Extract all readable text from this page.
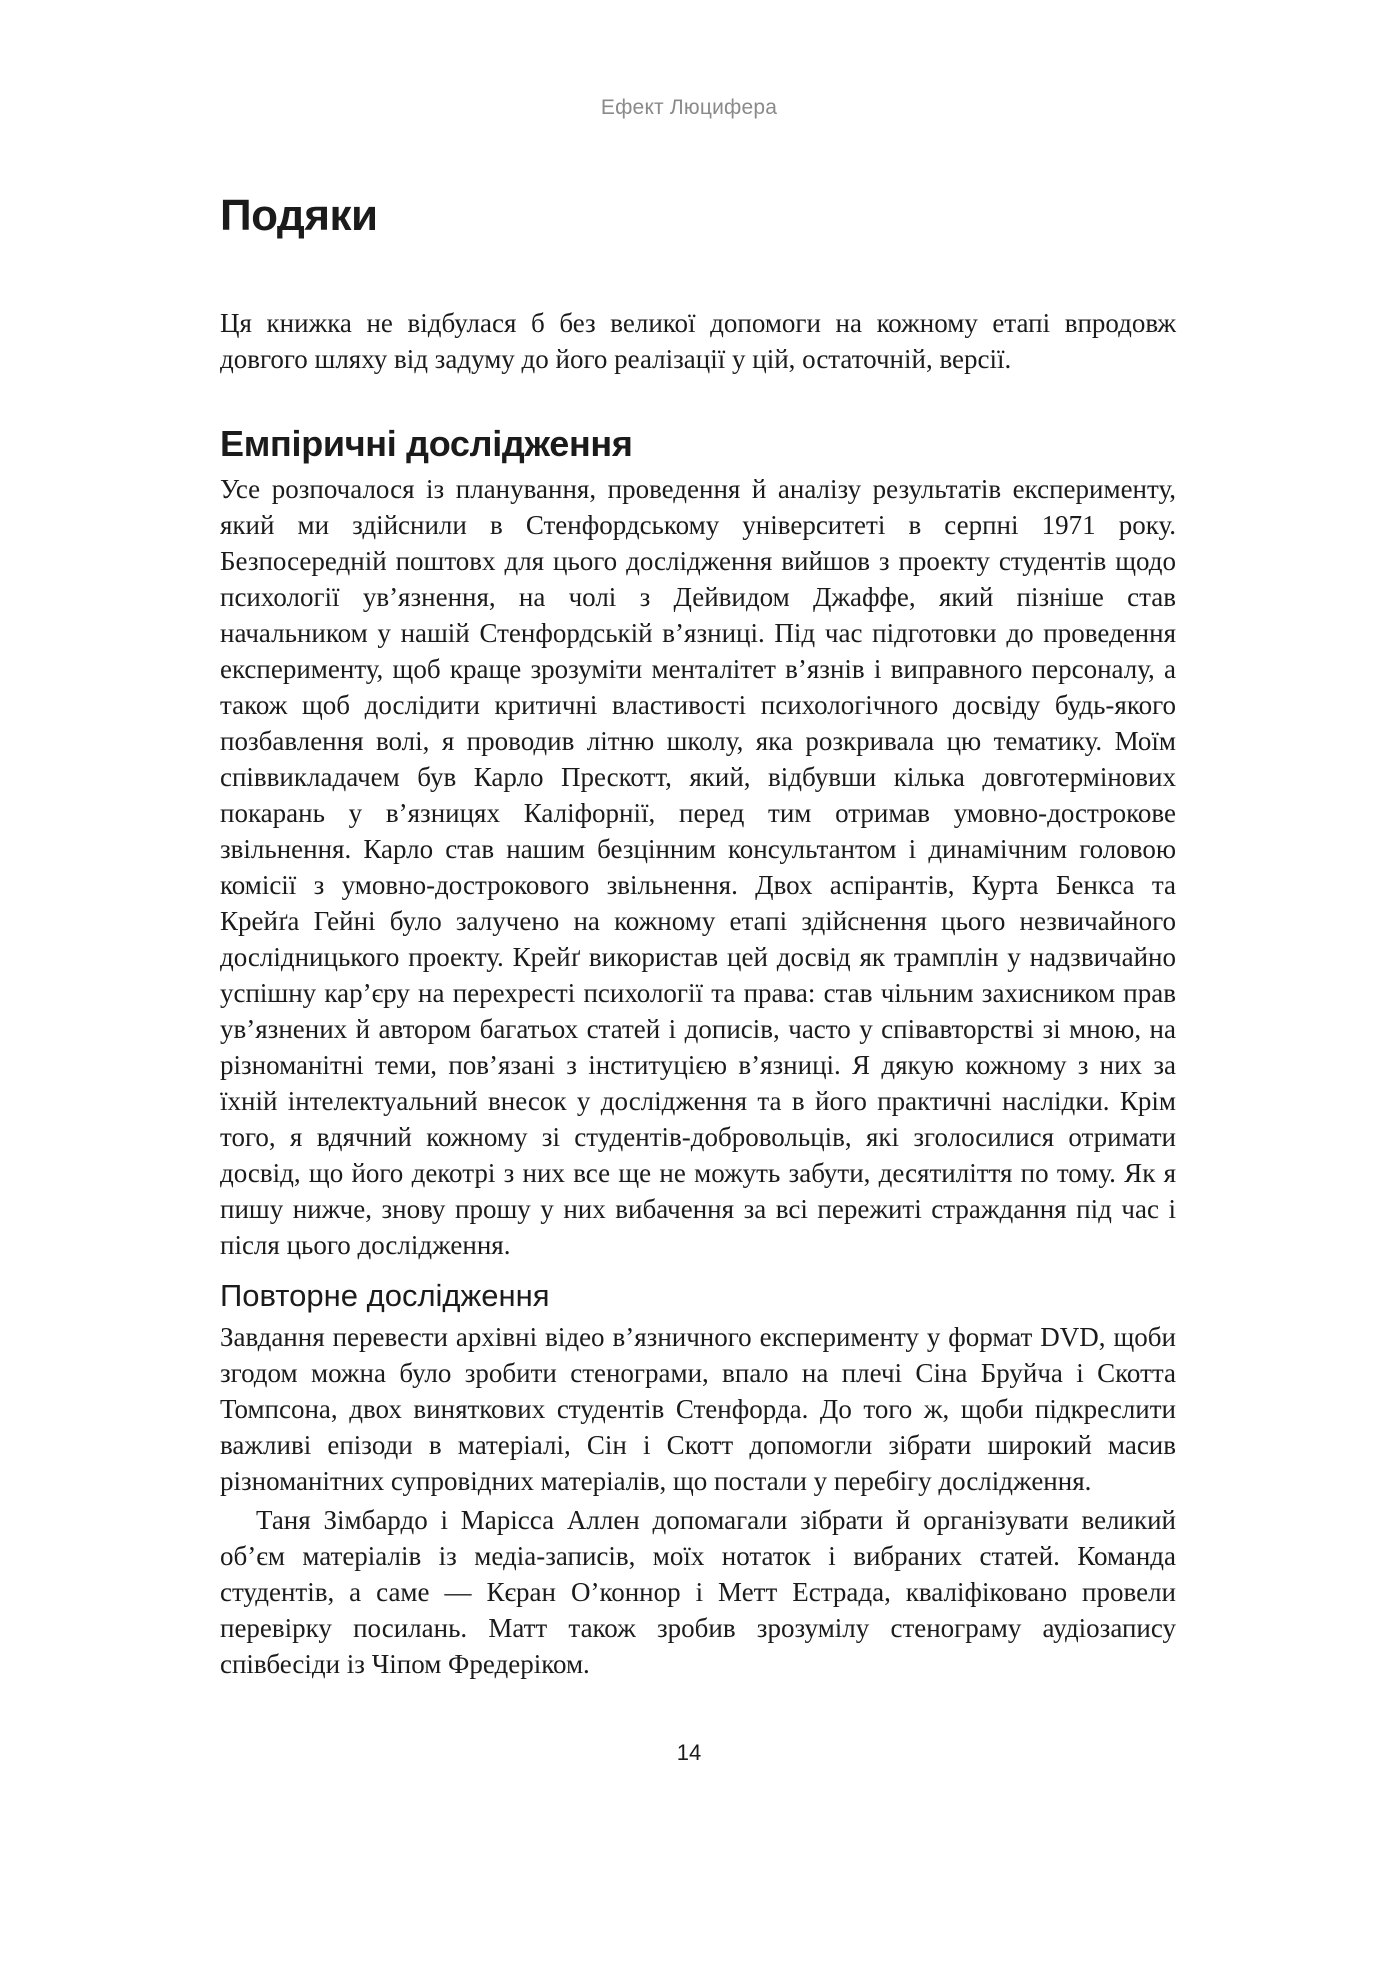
Ефект Люцифера
Подяки

Ця книжка не відбулася б без великої допомоги на кожному етапі впродовж довгого шляху від задуму до його реалізації у цій, остаточній, версії.

Емпіричні дослідження

Усе розпочалося із планування, проведення й аналізу результатів експерименту, який ми здійснили в Стенфордському університеті в серпні 1971 року. Безпосередній поштовх для цього дослідження вийшов з проекту студентів щодо психології ув’язнення, на чолі з Дейвидом Джаффе, який пізніше став начальником у нашій Стенфордській в’язниці. Під час підготовки до проведення експерименту, щоб краще зрозуміти менталітет в’язнів і виправного персоналу, а також щоб дослідити критичні властивості психологічного досвіду будь-якого позбавлення волі, я проводив літню школу, яка розкривала цю тематику. Моїм співвикладачем був Карло Прескотт, який, відбувши кілька довготермінових покарань у в’язницях Каліфорнії, перед тим отримав умовно-дострокове звільнення. Карло став нашим безцінним консультантом і динамічним головою комісії з умовно-дострокового звільнення. Двох аспірантів, Курта Бенкса та Крейґа Гейні було залучено на кожному етапі здійснення цього незвичайного дослідницького проекту. Крейґ використав цей досвід як трамплін у надзвичайно успішну кар’єру на перехресті психології та права: став чільним захисником прав ув’язнених й автором багатьох статей і дописів, часто у співавторстві зі мною, на різноманітні теми, пов’язані з інституцією в’язниці. Я дякую кожному з них за їхній інтелектуальний внесок у дослідження та в його практичні наслідки. Крім того, я вдячний кожному зі студентів-добровольців, які зголосилися отримати досвід, що його декотрі з них все ще не можуть забути, десятиліття по тому. Як я пишу нижче, знову прошу у них вибачення за всі пережиті страждання під час і після цього дослідження.

Повторне дослідження

Завдання перевести архівні відео в’язничного експерименту у формат DVD, щоби згодом можна було зробити стенограми, впало на плечі Сіна Бруйча і Скотта Томпсона, двох виняткових студентів Стенфорда. До того ж, щоби підкреслити важливі епізоди в матеріалі, Сін і Скотт допомогли зібрати широкий масив різноманітних супровідних матеріалів, що постали у перебігу дослідження.

Таня Зімбардо і Марісса Аллен допомагали зібрати й організувати великий об’єм матеріалів із медіа-записів, моїх нотаток і вибраних статей. Команда студентів, а саме — Кєран О’коннор і Метт Естрада, кваліфіковано провели перевірку посилань. Матт також зробив зрозумілу стенограму аудіозапису співбесіди із Чіпом Фредеріком.

14
